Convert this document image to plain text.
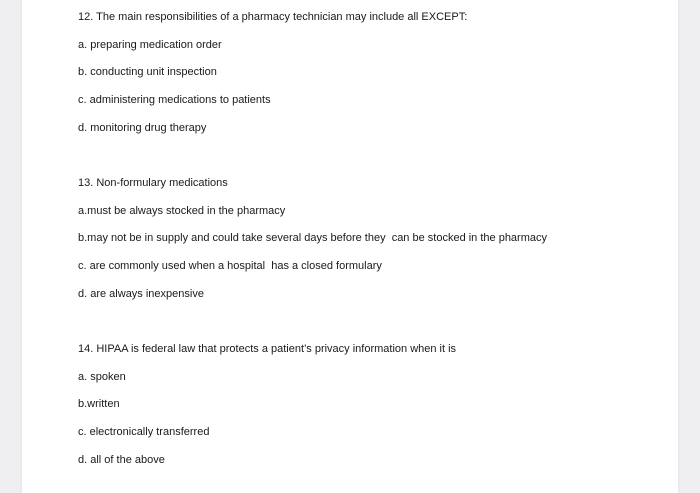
12. The main responsibilities of a pharmacy technician may include all EXCEPT:
a. preparing medication order
b. conducting unit inspection
c. administering medications to patients
d. monitoring drug therapy
13. Non-formulary medications
a.must be always stocked in the pharmacy
b.may not be in supply and could take several days before they  can be stocked in the pharmacy
c. are commonly used when a hospital  has a closed formulary
d. are always inexpensive
14. HIPAA is federal law that protects a patient’s privacy information when it is
a. spoken
b.written
c. electronically transferred
d. all of the above
